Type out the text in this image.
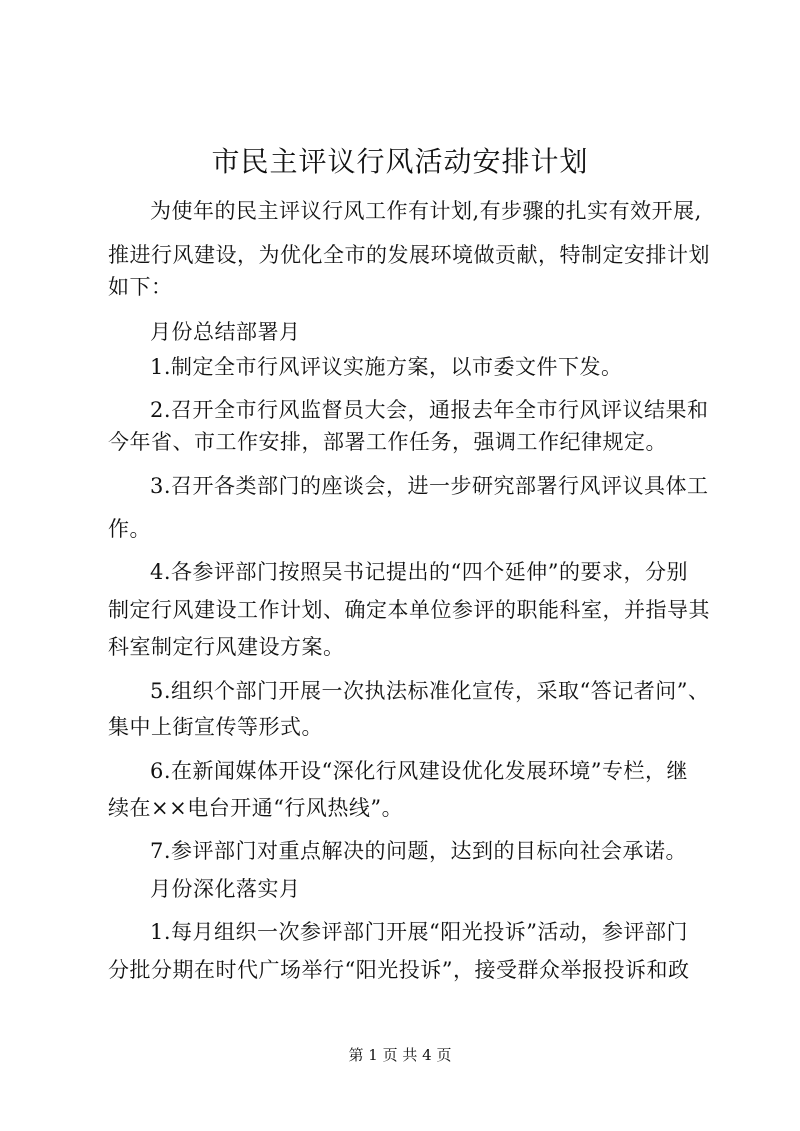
市民主评议行风活动安排计划
为使年的民主评议行风工作有计划,有步骤的扎实有效开展,
推进行风建设，为优化全市的发展环境做贡献，特制定安排计划
如下：
月份总结部署月
1.制定全市行风评议实施方案，以市委文件下发。
2.召开全市行风监督员大会，通报去年全市行风评议结果和
今年省、市工作安排，部署工作任务，强调工作纪律规定。
3.召开各类部门的座谈会，进一步研究部署行风评议具体工
作。
4.各参评部门按照吴书记提出的“四个延伸”的要求，分别
制定行风建设工作计划、确定本单位参评的职能科室，并指导其
科室制定行风建设方案。
5.组织个部门开展一次执法标准化宣传，采取“答记者问”、
集中上街宣传等形式。
6.在新闻媒体开设“深化行风建设优化发展环境”专栏，继
续在××电台开通“行风热线”。
7.参评部门对重点解决的问题，达到的目标向社会承诺。
月份深化落实月
1.每月组织一次参评部门开展“阳光投诉”活动，参评部门
分批分期在时代广场举行“阳光投诉”，接受群众举报投诉和政
第 1 页 共 4 页
